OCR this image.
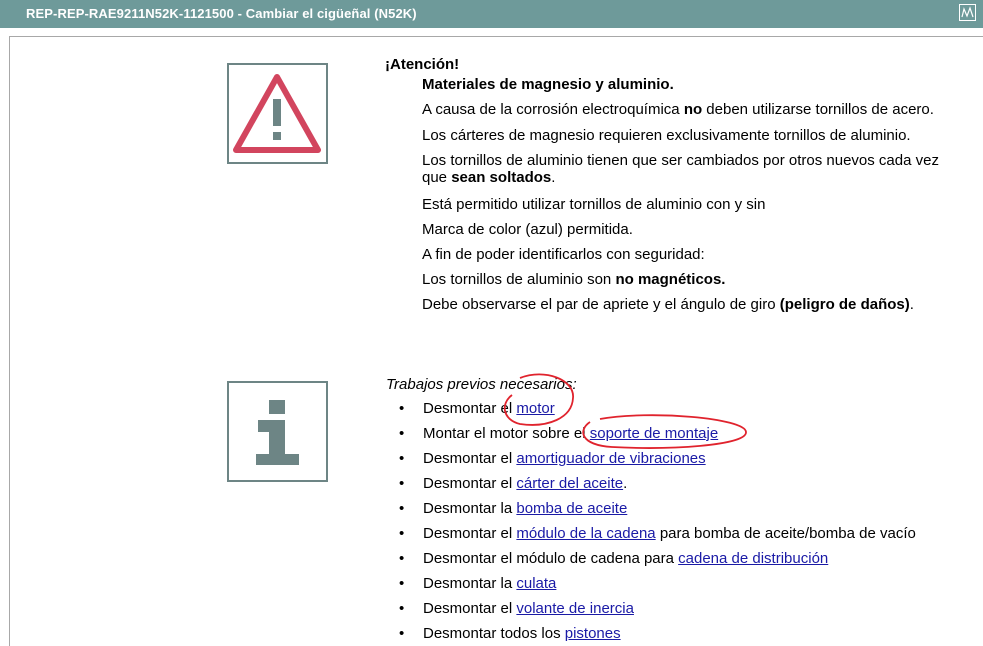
REP-REP-RAE9211N52K-1121500 - Cambiar el cigüeñal (N52K)
¡Atención!
Materiales de magnesio y aluminio.
A causa de la corrosión electroquímica no deben utilizarse tornillos de acero.
Los cárteres de magnesio requieren exclusivamente tornillos de aluminio.
Los tornillos de aluminio tienen que ser cambiados por otros nuevos cada vez
que sean soltados.
Está permitido utilizar tornillos de aluminio con y sin
Marca de color (azul) permitida.
A fin de poder identificarlos con seguridad:
Los tornillos de aluminio son no magnéticos.
Debe observarse el par de apriete y el ángulo de giro (peligro de daños).
Trabajos previos necesarios:
• Desmontar el motor
• Montar el motor sobre el soporte de montaje
• Desmontar el amortiguador de vibraciones
• Desmontar el cárter del aceite.
• Desmontar la bomba de aceite
• Desmontar el módulo de la cadena para bomba de aceite/bomba de vacío
• Desmontar el módulo de cadena para cadena de distribución
• Desmontar la culata
• Desmontar el volante de inercia
• Desmontar todos los pistones
